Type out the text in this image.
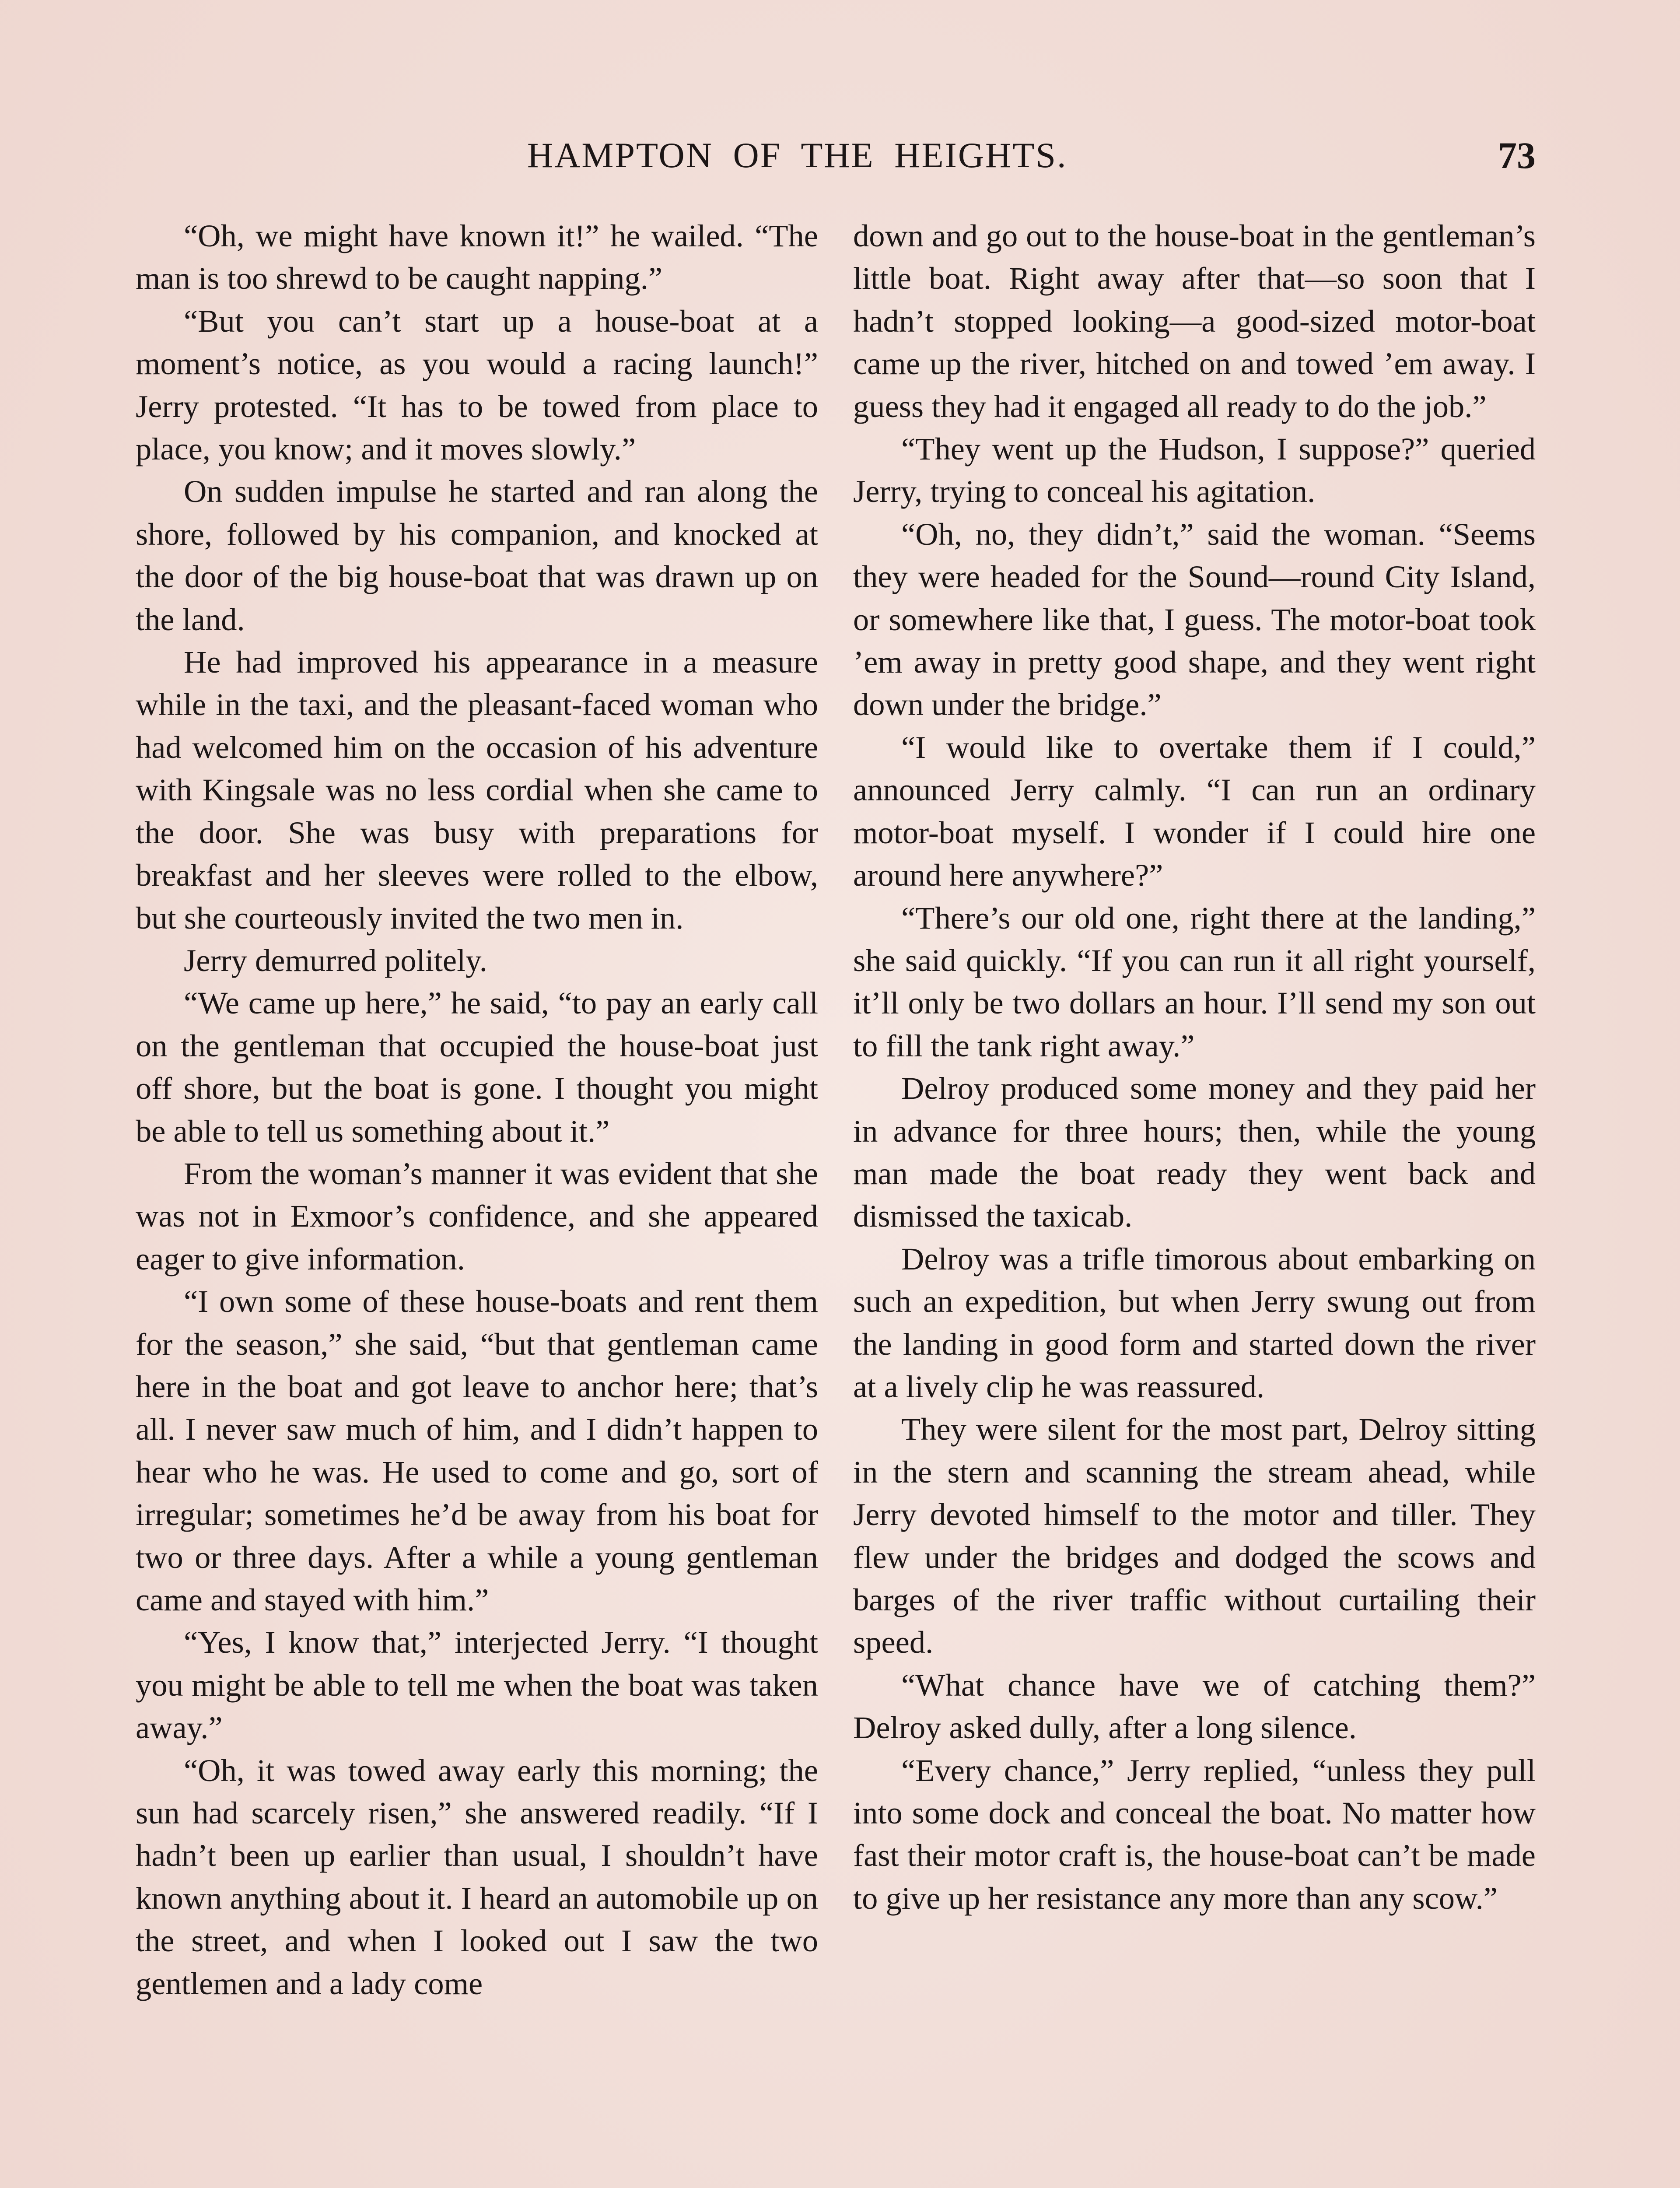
HAMPTON OF THE HEIGHTS.	73

“Oh, we might have known it!” he wailed. “The man is too shrewd to be caught napping.”

“But you can’t start up a house-boat at a moment’s notice, as you would a racing launch!” Jerry protested. “It has to be towed from place to place, you know; and it moves slowly.”

On sudden impulse he started and ran along the shore, followed by his companion, and knocked at the door of the big house-boat that was drawn up on the land.

He had improved his appearance in a measure while in the taxi, and the pleasant-faced woman who had welcomed him on the occasion of his adventure with Kingsale was no less cordial when she came to the door. She was busy with preparations for breakfast and her sleeves were rolled to the elbow, but she courteously invited the two men in.

Jerry demurred politely.

“We came up here,” he said, “to pay an early call on the gentleman that occupied the house-boat just off shore, but the boat is gone. I thought you might be able to tell us something about it.”

From the woman’s manner it was evident that she was not in Exmoor’s confidence, and she appeared eager to give information.

“I own some of these house-boats and rent them for the season,” she said, “but that gentleman came here in the boat and got leave to anchor here; that’s all. I never saw much of him, and I didn’t happen to hear who he was. He used to come and go, sort of irregular; sometimes he’d be away from his boat for two or three days. After a while a young gentleman came and stayed with him.”

“Yes, I know that,” interjected Jerry. “I thought you might be able to tell me when the boat was taken away.”

“Oh, it was towed away early this morning; the sun had scarcely risen,” she answered readily. “If I hadn’t been up earlier than usual, I shouldn’t have known anything about it. I heard an automobile up on the street, and when I looked out I saw the two gentlemen and a lady come

down and go out to the house-boat in the gentleman’s little boat. Right away after that—so soon that I hadn’t stopped looking—a good-sized motor-boat came up the river, hitched on and towed ’em away. I guess they had it engaged all ready to do the job.”

“They went up the Hudson, I suppose?” queried Jerry, trying to conceal his agitation.

“Oh, no, they didn’t,” said the woman. “Seems they were headed for the Sound—round City Island, or somewhere like that, I guess. The motor-boat took ’em away in pretty good shape, and they went right down under the bridge.”

“I would like to overtake them if I could,” announced Jerry calmly. “I can run an ordinary motor-boat myself. I wonder if I could hire one around here anywhere?”

“There’s our old one, right there at the landing,” she said quickly. “If you can run it all right yourself, it’ll only be two dollars an hour. I’ll send my son out to fill the tank right away.”

Delroy produced some money and they paid her in advance for three hours; then, while the young man made the boat ready they went back and dismissed the taxicab.

Delroy was a trifle timorous about embarking on such an expedition, but when Jerry swung out from the landing in good form and started down the river at a lively clip he was reassured.

They were silent for the most part, Delroy sitting in the stern and scanning the stream ahead, while Jerry devoted himself to the motor and tiller. They flew under the bridges and dodged the scows and barges of the river traffic without curtailing their speed.

“What chance have we of catching them?” Delroy asked dully, after a long silence.

“Every chance,” Jerry replied, “unless they pull into some dock and conceal the boat. No matter how fast their motor craft is, the house-boat can’t be made to give up her resistance any more than any scow.”
